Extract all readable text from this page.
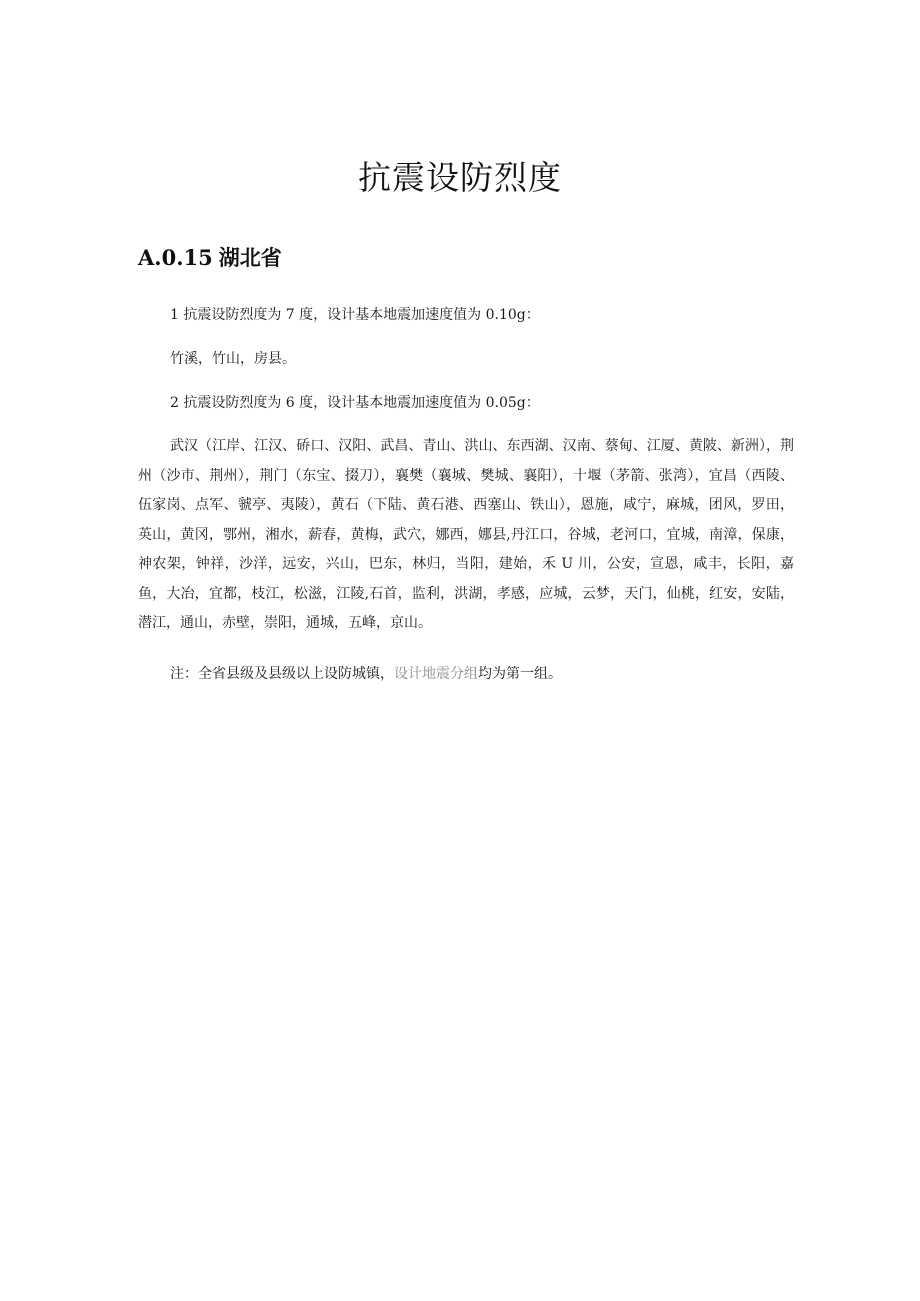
抗震设防烈度
A.0.15 湖北省

1 抗震设防烈度为 7 度，设计基本地震加速度值为 0.10g：

竹溪，竹山，房县。

2 抗震设防烈度为 6 度，设计基本地震加速度值为 0.05g：

武汉（江岸、江汉、硚口、汉阳、武昌、青山、洪山、东西湖、汉南、蔡甸、江厦、黄陂、新洲），荆州（沙市、荆州），荆门（东宝、掇刀），襄樊（襄城、樊城、襄阳），十堰（茅箭、张湾），宜昌（西陵、伍家岗、点军、虢亭、夷陵），黄石（下陆、黄石港、西塞山、铁山），恩施，咸宁，麻城，团风，罗田，英山，黄冈，鄂州，湘水，薪春，黄梅，武穴，娜西，娜县,丹江口，谷城，老河口，宜城，南漳，保康，神农架，钟祥，沙洋，远安，兴山，巴东，林归，当阳，建始，禾 U 川，公安，宣恩，咸丰，长阳，嘉鱼，大冶，宜都，枝江，松滋，江陵,石首，监利，洪湖，孝感，应城，云梦，天门，仙桃，红安，安陆，潜江，通山，赤壁，崇阳，通城，五峰，京山。

注：全省县级及县级以上设防城镇，设计地震分组均为第一组。
